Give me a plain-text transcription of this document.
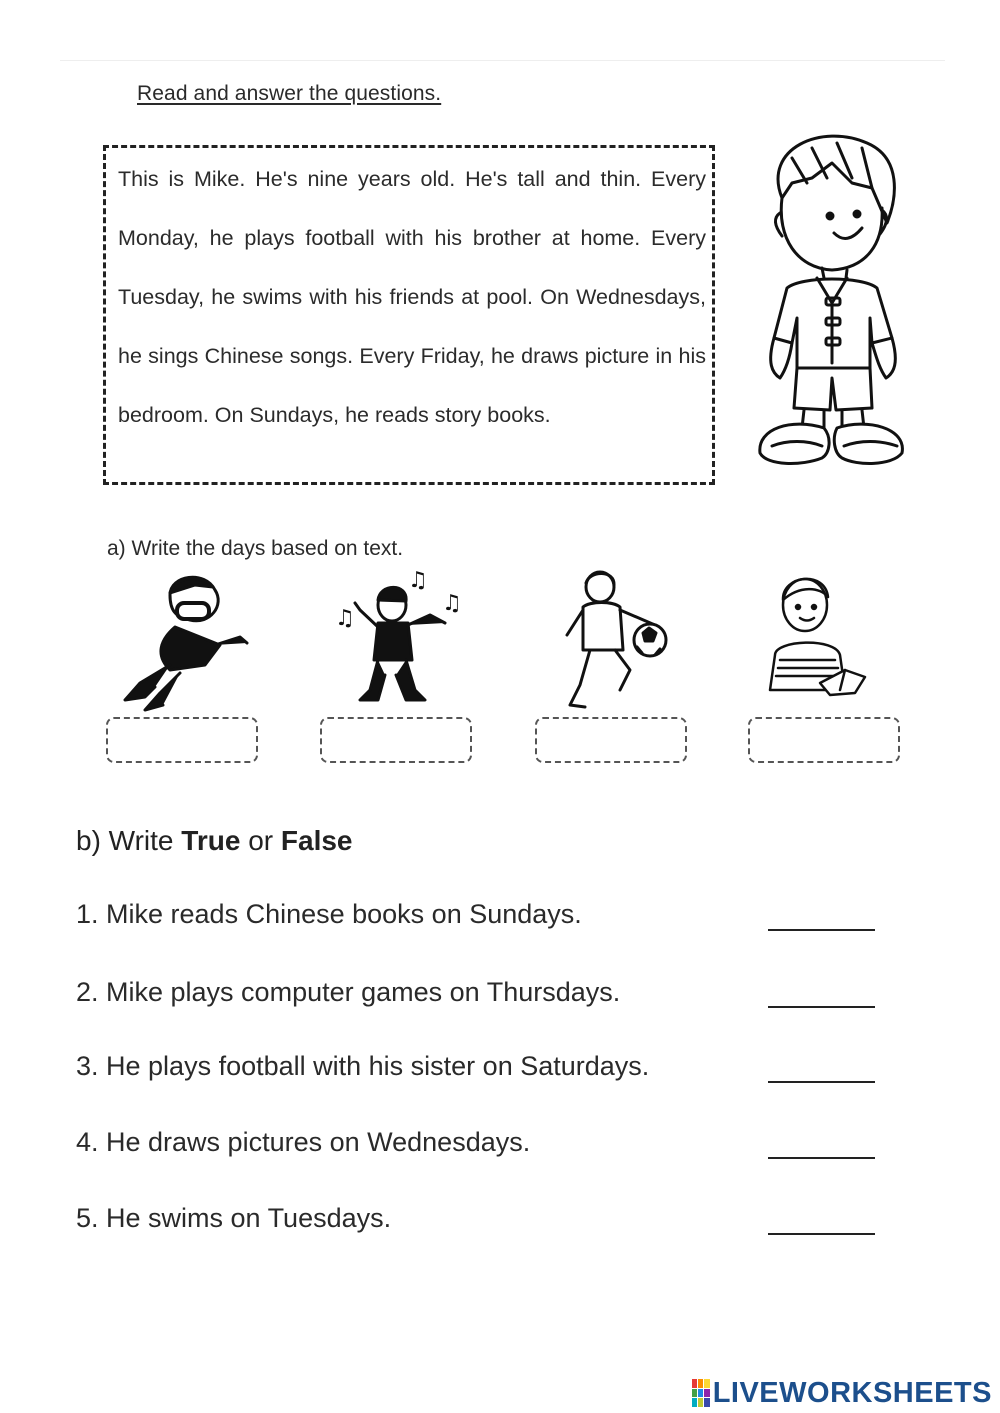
Read and answer the questions.

This is Mike. He's nine years old. He's tall and thin. Every Monday, he plays football with his brother at home. Every Tuesday, he swims with his friends at pool. On Wednesdays, he sings Chinese songs. Every Friday, he draws picture in his bedroom. On Sundays, he reads story books.

a) Write the days based on text.
♫
♫
♫
b) Write True or False
1. Mike reads Chinese books on Sundays.
2. Mike plays computer games on Thursdays.
3. He plays football with his sister on Saturdays.
4. He draws pictures on Wednesdays.
5. He swims on Tuesdays.
LIVEWORKSHEETS
